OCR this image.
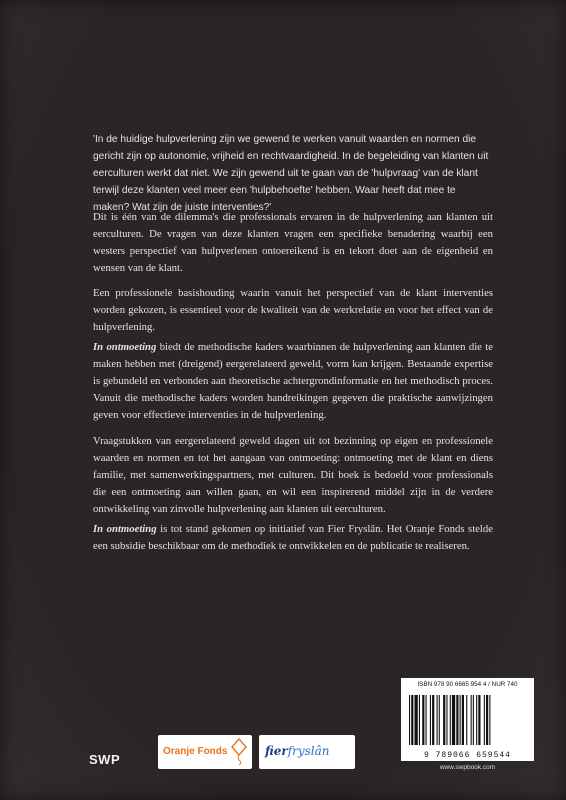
'In de huidige hulpverlening zijn we gewend te werken vanuit waarden en normen die gericht zijn op autonomie, vrijheid en rechtvaardigheid. In de begeleiding van klanten uit eerculturen werkt dat niet. We zijn gewend uit te gaan van de 'hulpvraag' van de klant terwijl deze klanten veel meer een 'hulpbehoefte' hebben. Waar heeft dat mee te maken? Wat zijn de juiste interventies?'

Dit is één van de dilemma's die professionals ervaren in de hulpverlening aan klanten uit eerculturen. De vragen van deze klanten vragen een specifieke benadering waarbij een westers perspectief van hulpverlenen ontoereikend is en tekort doet aan de eigenheid en wensen van de klant.

Een professionele basishouding waarin vanuit het perspectief van de klant interventies worden gekozen, is essentieel voor de kwaliteit van de werkrelatie en voor het effect van de hulpverlening.

In ontmoeting biedt de methodische kaders waarbinnen de hulpverlening aan klanten die te maken hebben met (dreigend) eergerelateerd geweld, vorm kan krijgen. Bestaande expertise is gebundeld en verbonden aan theoretische achtergrondinformatie en het methodisch proces. Vanuit die methodische kaders worden handreikingen gegeven die praktische aanwijzingen geven voor effectieve interventies in de hulpverlening.

Vraagstukken van eergerelateerd geweld dagen uit tot bezinning op eigen en professionele waarden en normen en tot het aangaan van ontmoeting: ontmoeting met de klant en diens familie, met samenwerkingspartners, met culturen. Dit boek is bedoeld voor professionals die een ontmoeting aan willen gaan, en wil een inspirerend middel zijn in de verdere ontwikkeling van zinvolle hulpverlening aan klanten uit eerculturen.

In ontmoeting is tot stand gekomen op initiatief van Fier Fryslân. Het Oranje Fonds stelde een subsidie beschikbaar om de methodiek te ontwikkelen en de publicatie te realiseren.

ISBN 978 90 6665 954 4 / NUR 740
9 789066 659544
www.swpbook.com
SWP
Oranje Fonds	fierfryslân
